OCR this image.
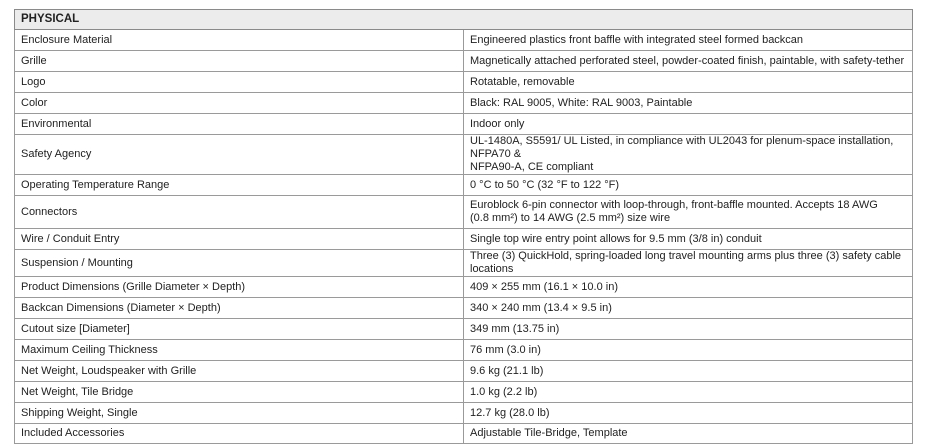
PHYSICAL	
Enclosure Material	Engineered plastics front baffle with integrated steel formed backcan
Grille	Magnetically attached perforated steel, powder-coated finish, paintable, with safety-tether
Logo	Rotatable, removable
Color	Black: RAL 9005, White: RAL 9003, Paintable
Environmental	Indoor only
Safety Agency	UL-1480A, S5591/ UL Listed, in compliance with UL2043 for plenum-space installation, NFPA70 &
NFPA90-A, CE compliant
Operating Temperature Range	0 °C to 50 °C (32 °F to 122 °F)
Connectors	Euroblock 6-pin connector with loop-through, front-baffle mounted. Accepts 18 AWG
(0.8 mm²) to 14 AWG (2.5 mm²) size wire
Wire / Conduit Entry	Single top wire entry point allows for 9.5 mm (3/8 in) conduit
Suspension / Mounting	Three (3) QuickHold, spring-loaded long travel mounting arms plus three (3) safety cable locations
Product Dimensions (Grille Diameter × Depth)	409 × 255 mm (16.1 × 10.0 in)
Backcan Dimensions (Diameter × Depth)	340 × 240 mm (13.4 × 9.5 in)
Cutout size [Diameter]	349 mm (13.75 in)
Maximum Ceiling Thickness	76 mm (3.0 in)
Net Weight, Loudspeaker with Grille	9.6 kg (21.1 lb)
Net Weight, Tile Bridge	1.0 kg (2.2 lb)
Shipping Weight, Single	12.7 kg (28.0 lb)
Included Accessories	Adjustable Tile-Bridge, Template
